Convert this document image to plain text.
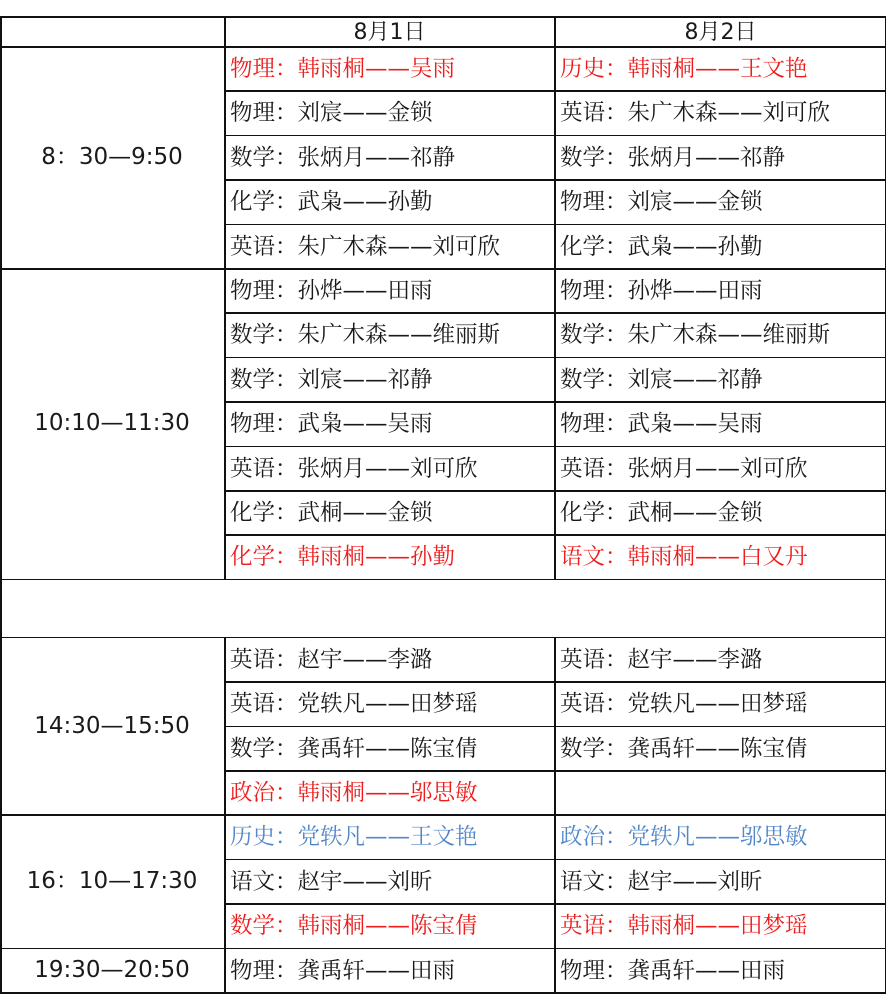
8月1日	8月2日
8：30—9:50
物理：韩雨桐——吴雨	历史：韩雨桐——王文艳
物理：刘宸——金锁	英语：朱广木森——刘可欣
数学：张炳月——祁静	数学：张炳月——祁静
化学：武枭——孙勤	物理：刘宸——金锁
英语：朱广木森——刘可欣	化学：武枭——孙勤
10:10—11:30
物理：孙烨——田雨	物理：孙烨——田雨
数学：朱广木森——维丽斯	数学：朱广木森——维丽斯
数学：刘宸——祁静	数学：刘宸——祁静
物理：武枭——吴雨	物理：武枭——吴雨
英语：张炳月——刘可欣	英语：张炳月——刘可欣
化学：武桐——金锁	化学：武桐——金锁
化学：韩雨桐——孙勤	语文：韩雨桐——白又丹
14:30—15:50
英语：赵宇——李潞	英语：赵宇——李潞
英语：党轶凡——田梦瑶	英语：党轶凡——田梦瑶
数学：龚禹轩——陈宝倩	数学：龚禹轩——陈宝倩
政治：韩雨桐——邬思敏
16：10—17:30
历史：党轶凡——王文艳	政治：党轶凡——邬思敏
语文：赵宇——刘昕	语文：赵宇——刘昕
数学：韩雨桐——陈宝倩	英语：韩雨桐——田梦瑶
19:30—20:50	物理：龚禹轩——田雨	物理：龚禹轩——田雨
